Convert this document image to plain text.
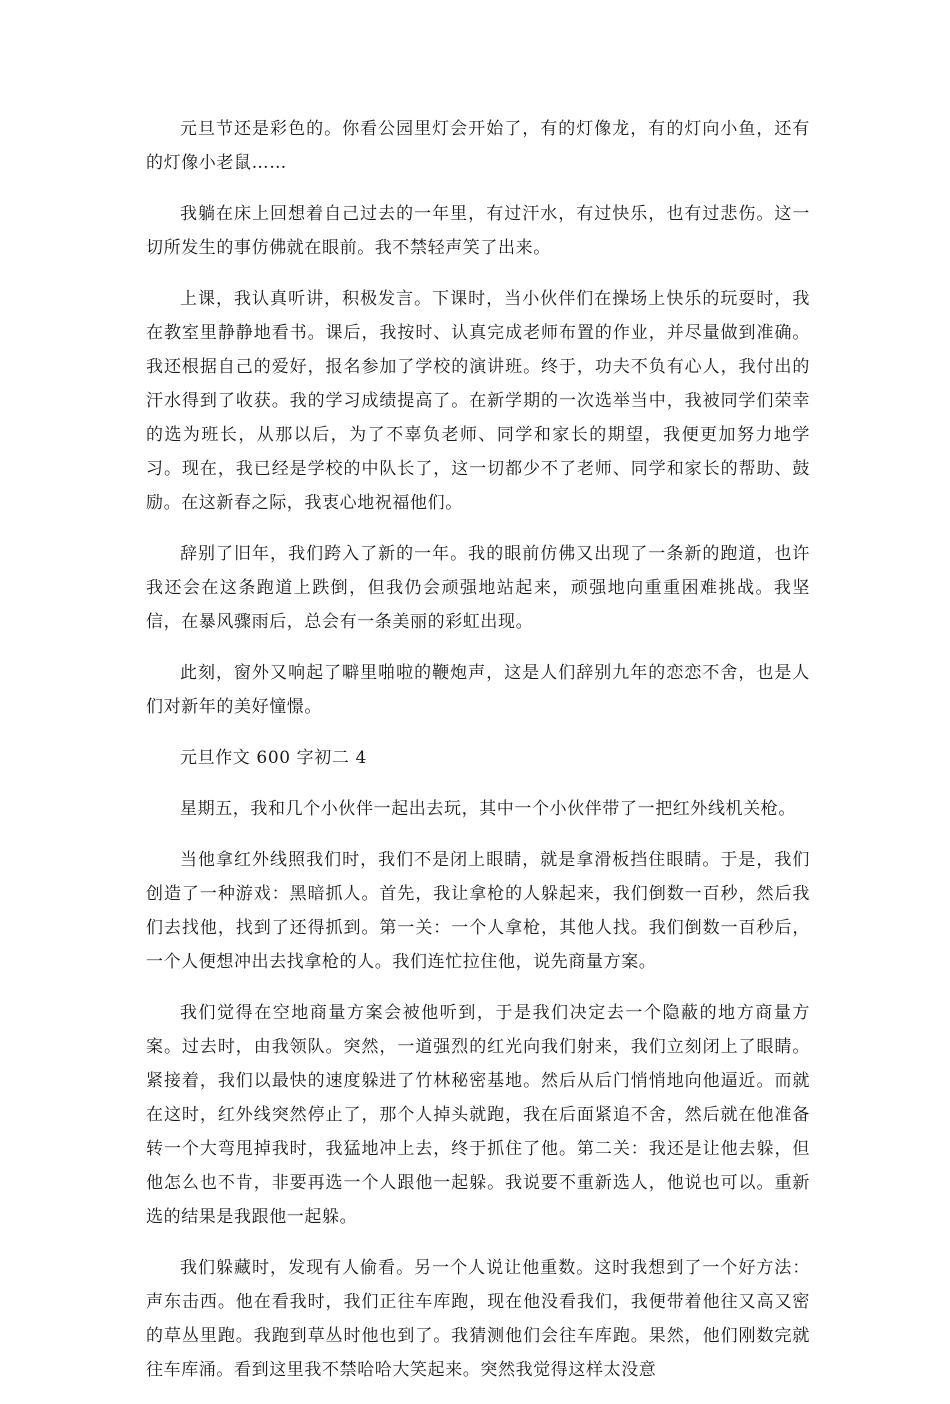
元旦节还是彩色的。你看公园里灯会开始了，有的灯像龙，有的灯向小鱼，还有的灯像小老鼠……

我躺在床上回想着自己过去的一年里，有过汗水，有过快乐，也有过悲伤。这一切所发生的事仿佛就在眼前。我不禁轻声笑了出来。

上课，我认真听讲，积极发言。下课时，当小伙伴们在操场上快乐的玩耍时，我在教室里静静地看书。课后，我按时、认真完成老师布置的作业，并尽量做到准确。我还根据自己的爱好，报名参加了学校的演讲班。终于，功夫不负有心人，我付出的汗水得到了收获。我的学习成绩提高了。在新学期的一次选举当中，我被同学们荣幸的选为班长，从那以后，为了不辜负老师、同学和家长的期望，我便更加努力地学习。现在，我已经是学校的中队长了，这一切都少不了老师、同学和家长的帮助、鼓励。在这新春之际，我衷心地祝福他们。

辞别了旧年，我们跨入了新的一年。我的眼前仿佛又出现了一条新的跑道，也许我还会在这条跑道上跌倒，但我仍会顽强地站起来，顽强地向重重困难挑战。我坚信，在暴风骤雨后，总会有一条美丽的彩虹出现。

此刻，窗外又响起了噼里啪啦的鞭炮声，这是人们辞别九年的恋恋不舍，也是人们对新年的美好憧憬。

元旦作文 600 字初二 4

星期五，我和几个小伙伴一起出去玩，其中一个小伙伴带了一把红外线机关枪。

当他拿红外线照我们时，我们不是闭上眼睛，就是拿滑板挡住眼睛。于是，我们创造了一种游戏：黑暗抓人。首先，我让拿枪的人躲起来，我们倒数一百秒，然后我们去找他，找到了还得抓到。第一关：一个人拿枪，其他人找。我们倒数一百秒后，一个人便想冲出去找拿枪的人。我们连忙拉住他，说先商量方案。

我们觉得在空地商量方案会被他听到，于是我们决定去一个隐蔽的地方商量方案。过去时，由我领队。突然，一道强烈的红光向我们射来，我们立刻闭上了眼睛。紧接着，我们以最快的速度躲进了竹林秘密基地。然后从后门悄悄地向他逼近。而就在这时，红外线突然停止了，那个人掉头就跑，我在后面紧追不舍，然后就在他准备转一个大弯甩掉我时，我猛地冲上去，终于抓住了他。第二关：我还是让他去躲，但他怎么也不肯，非要再选一个人跟他一起躲。我说要不重新选人，他说也可以。重新选的结果是我跟他一起躲。

我们躲藏时，发现有人偷看。另一个人说让他重数。这时我想到了一个好方法：声东击西。他在看我时，我们正往车库跑，现在他没看我们，我便带着他往又高又密的草丛里跑。我跑到草丛时他也到了。我猜测他们会往车库跑。果然，他们刚数完就往车库涌。看到这里我不禁哈哈大笑起来。突然我觉得这样太没意
